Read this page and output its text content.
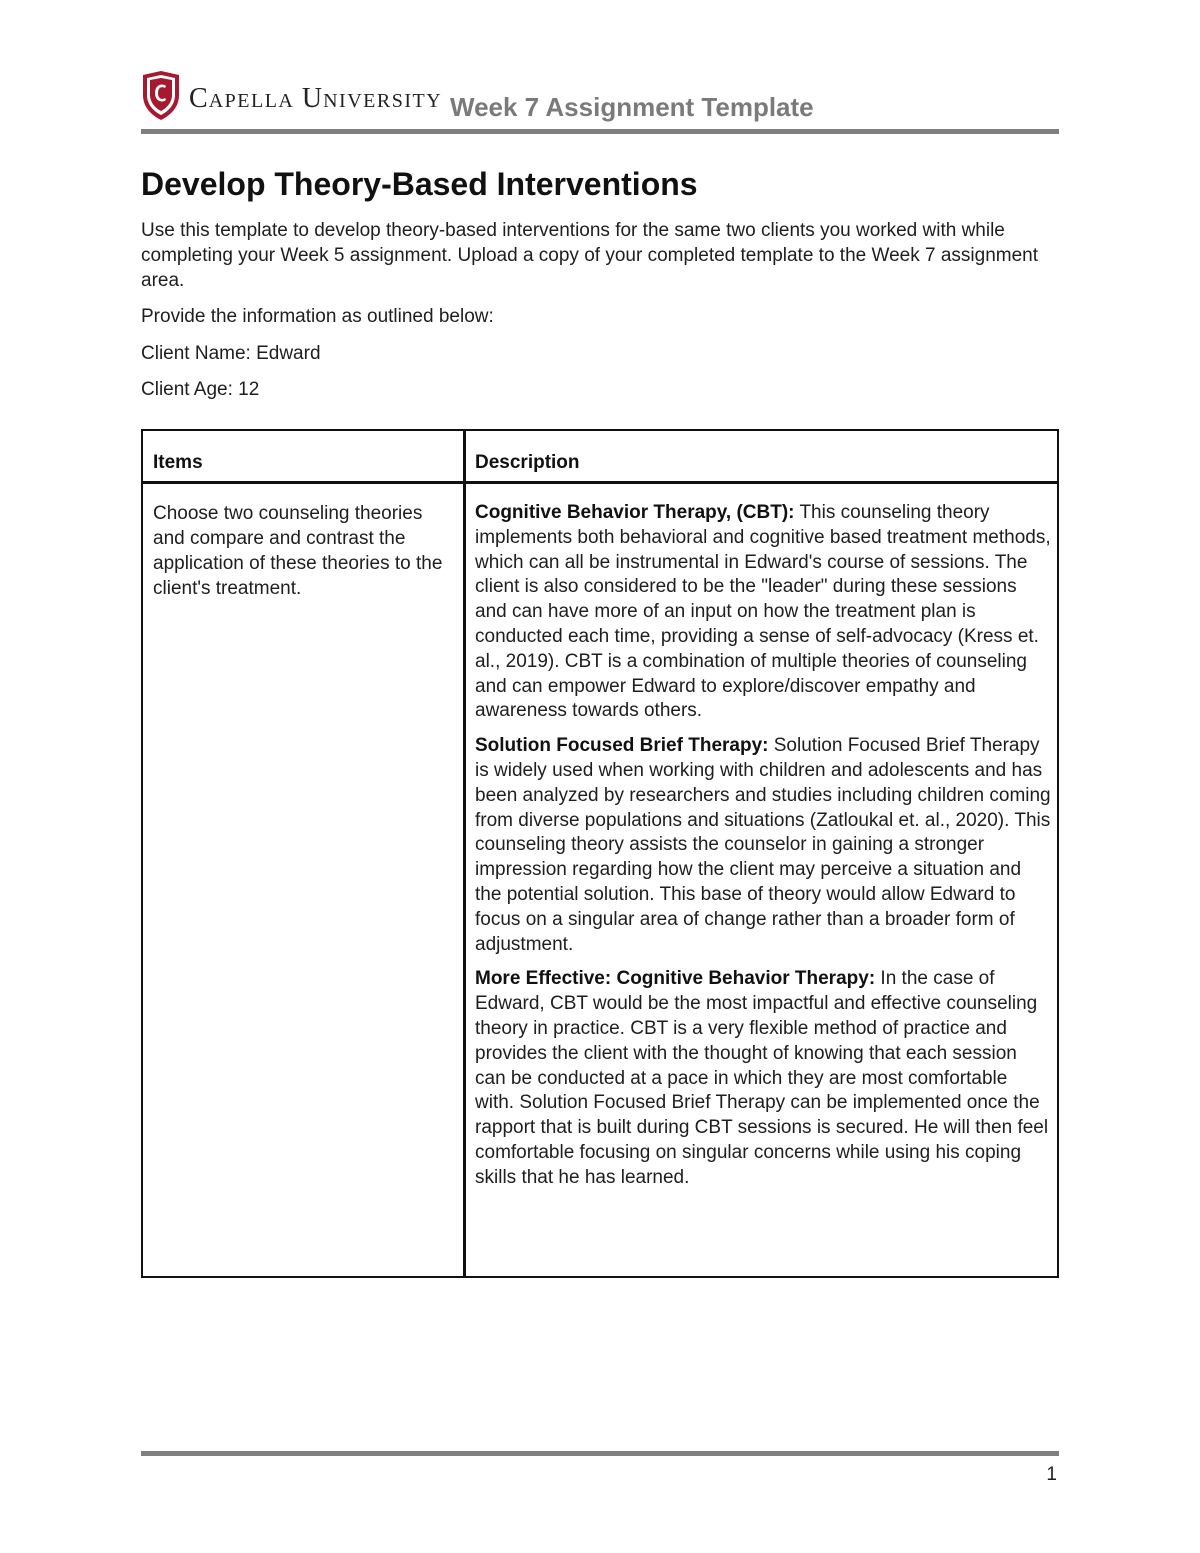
CAPELLA UNIVERSITY Week 7 Assignment Template
Develop Theory-Based Interventions

Use this template to develop theory-based interventions for the same two clients you worked with while completing your Week 5 assignment. Upload a copy of your completed template to the Week 7 assignment area.

Provide the information as outlined below:

Client Name: Edward

Client Age: 12

Items	Description
Choose two counseling theories and compare and contrast the application of these theories to the client's treatment.

Cognitive Behavior Therapy, (CBT): This counseling theory implements both behavioral and cognitive based treatment methods, which can all be instrumental in Edward's course of sessions. The client is also considered to be the "leader" during these sessions and can have more of an input on how the treatment plan is conducted each time, providing a sense of self-advocacy (Kress et. al., 2019). CBT is a combination of multiple theories of counseling and can empower Edward to explore/discover empathy and awareness towards others.

Solution Focused Brief Therapy: Solution Focused Brief Therapy is widely used when working with children and adolescents and has been analyzed by researchers and studies including children coming from diverse populations and situations (Zatloukal et. al., 2020). This counseling theory assists the counselor in gaining a stronger impression regarding how the client may perceive a situation and the potential solution. This base of theory would allow Edward to focus on a singular area of change rather than a broader form of adjustment.

More Effective: Cognitive Behavior Therapy: In the case of Edward, CBT would be the most impactful and effective counseling theory in practice. CBT is a very flexible method of practice and provides the client with the thought of knowing that each session can be conducted at a pace in which they are most comfortable with. Solution Focused Brief Therapy can be implemented once the rapport that is built during CBT sessions is secured. He will then feel comfortable focusing on singular concerns while using his coping skills that he has learned.

1
